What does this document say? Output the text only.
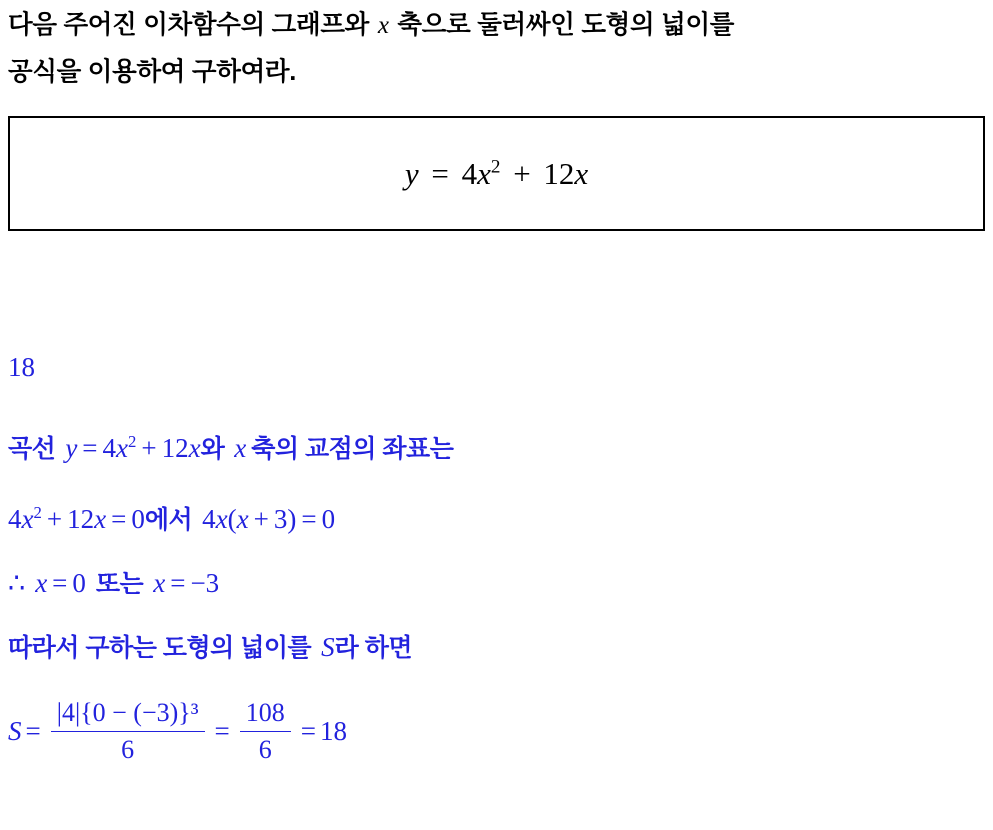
다음 주어진 이차함수의 그래프와 x 축으로 둘러싸인 도형의 넓이를
공식을 이용하여 구하여라.
$y = 4x^2 + 12x$
18
곡선 $y = 4x^2 + 12x$와 x 축의 교점의 좌표는
$4x^2 + 12x = 0$에서 4x(x + 3) = 0
∴ x = 0 또는 x = −3
따라서 구하는 도형의 넓이를 S라 하면
$S = \frac{\text{|4|\{0 − (−3)\}³}}{6} = \frac{108}{6} = 18$
